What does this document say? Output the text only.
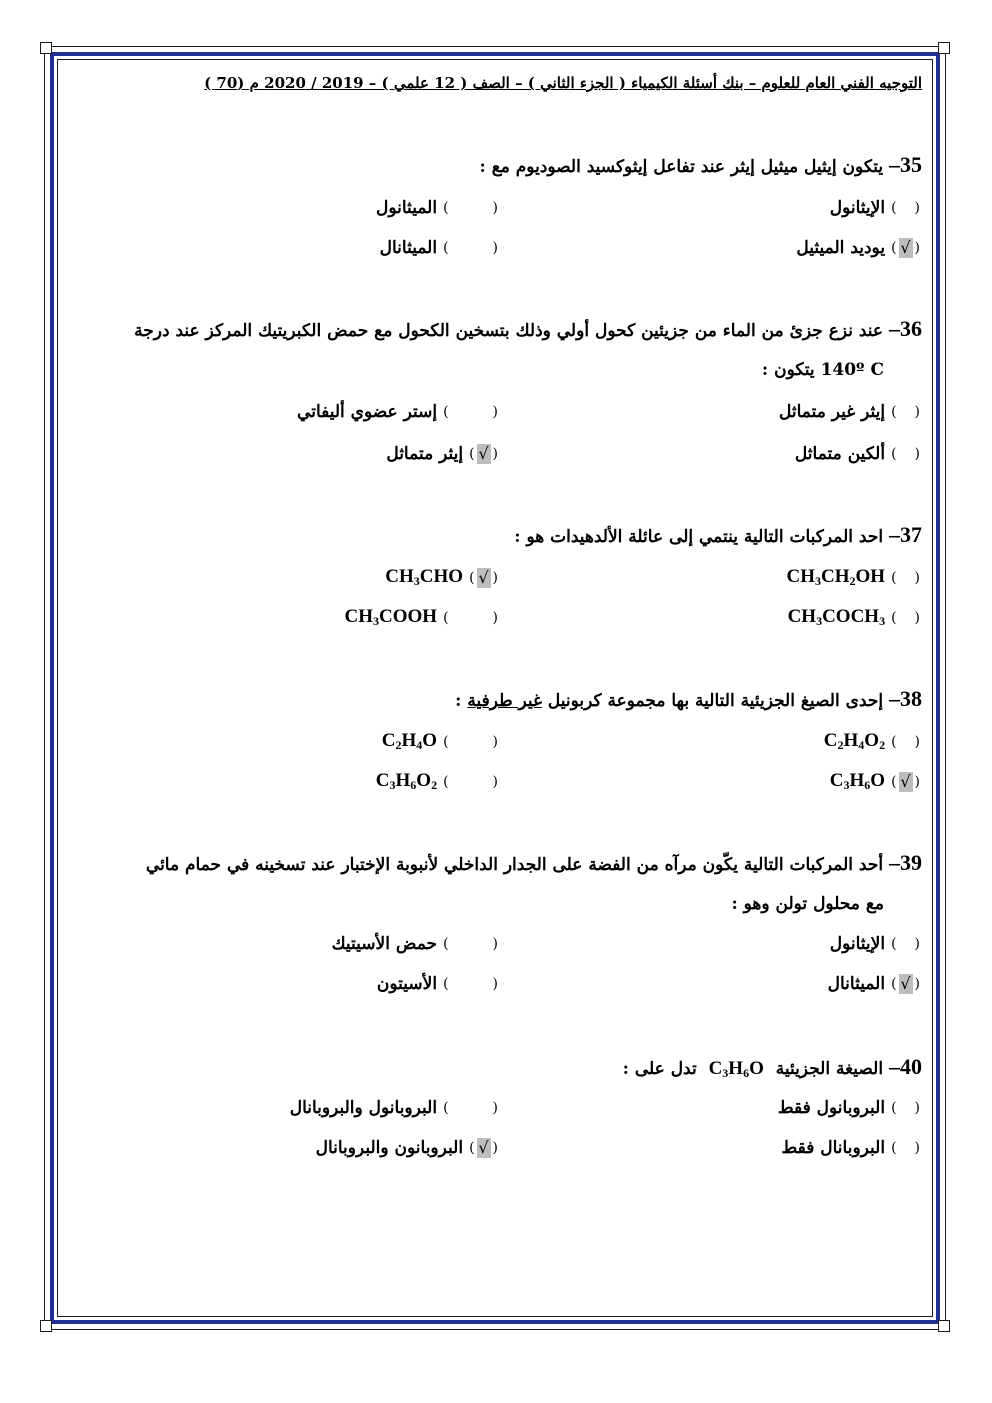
التوجيه الفني العام للعلوم – بنك أسئلة الكيمياء ( الجزء الثاني ) – الصف ( 12 علمي ) – 2019 / 2020 م (70 )
35– يتكون إيثيل ميثيل إيثر عند تفاعل إيثوكسيد الصوديوم مع :
(
)
الإيثانول
(
)
الميثانول
(
√
)
يوديد الميثيل
(
)
الميثانال
36– عند نزع جزئ من الماء من جزيئين كحول أولي وذلك بتسخين الكحول مع حمض الكبريتيك المركز عند درجة
140º C يتكون :
(
)
إيثر غير متماثل
(
)
إستر عضوي أليفاتي
(
)
ألكين متماثل
(
√
)
إيثر متماثل
37– احد المركبات التالية ينتمي إلى عائلة الألدهيدات هو :
(
)
$CH_3CH_2OH$
(
√
)
$CH_3CHO$
(
)
$CH_3COCH_3$
(
)
$CH_3COOH$
38– إحدى الصيغ الجزيئية التالية بها مجموعة كربونيل غير طرفية :
(
)
$C_2H_4O_2$
(
)
$C_2H_4O$
(
√
)
$C_3H_6O$
(
)
$C_3H_6O_2$
39– أحد المركبات التالية يكّون مرآه من الفضة على الجدار الداخلي لأنبوبة الإختبار عند تسخينه في حمام مائي
مع محلول تولن وهو :
(
)
الإيثانول
(
)
حمض الأسيتيك
(
√
)
الميثانال
(
)
الأسيتون
40– الصيغة الجزيئية  $C_3H_6O$  تدل على :
(
)
البروبانول فقط
(
)
البروبانول والبروبانال
(
)
البروبانال فقط
(
√
)
البروبانون والبروبانال
